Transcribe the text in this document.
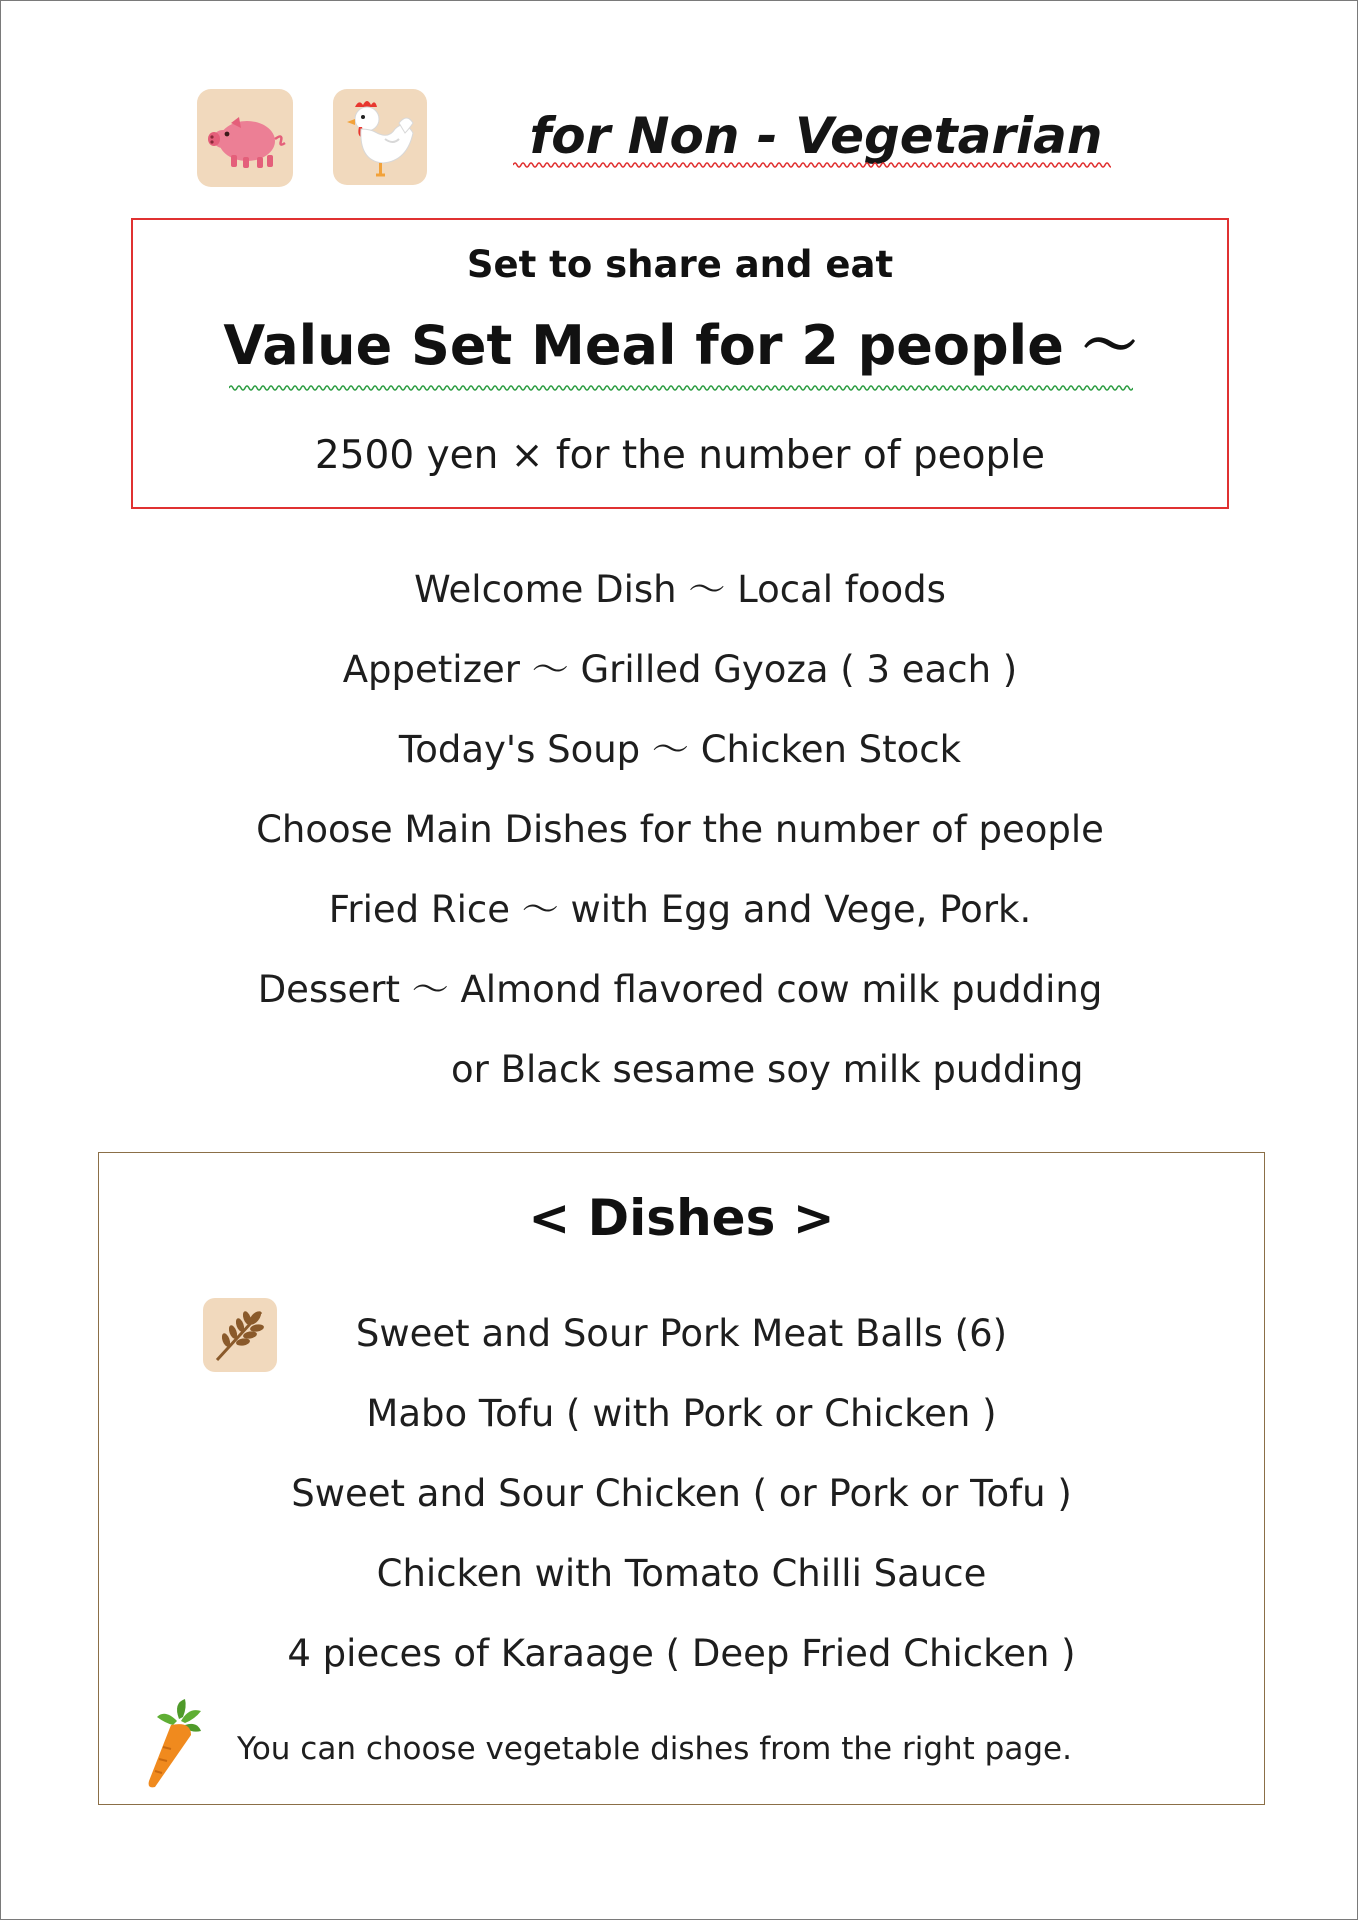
for Non - Vegetarian
Set to share and eat
Value Set Meal for 2 people ～
2500 yen × for the number of people
Welcome Dish ～ Local foods
Appetizer ～ Grilled Gyoza ( 3 each )
Today's Soup ～ Chicken Stock
Choose Main Dishes for the number of people
Fried Rice ～ with Egg and Vege, Pork.
Dessert ～ Almond flavored cow milk pudding
or Black sesame soy milk pudding
< Dishes >
Sweet and Sour Pork Meat Balls (6)
Mabo Tofu ( with Pork or Chicken )
Sweet and Sour Chicken ( or Pork or Tofu )
Chicken with Tomato Chilli Sauce
4 pieces of Karaage ( Deep Fried Chicken )
You can choose vegetable dishes from the right page.
